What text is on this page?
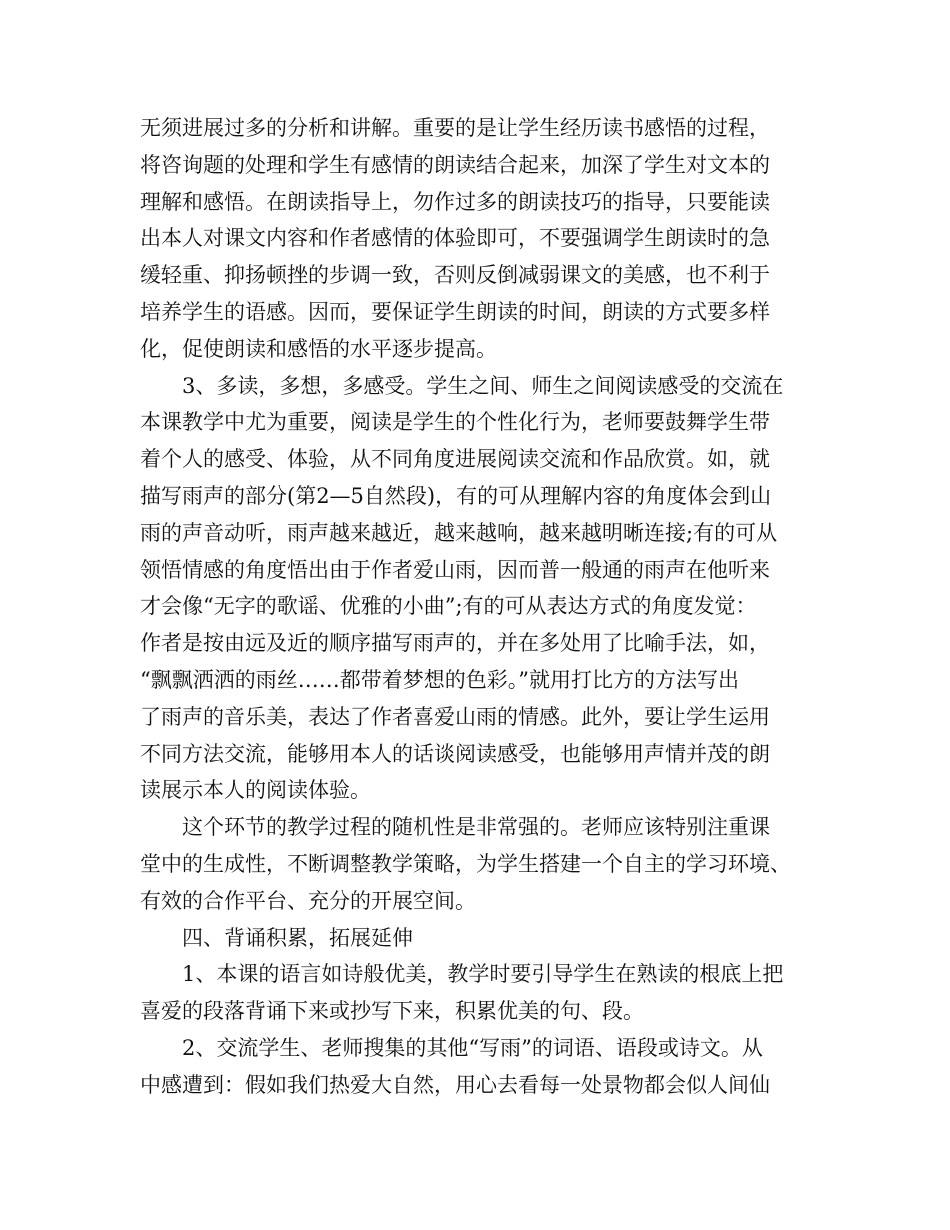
无须进展过多的分析和讲解。重要的是让学生经历读书感悟的过程，
将咨询题的处理和学生有感情的朗读结合起来，加深了学生对文本的
理解和感悟。在朗读指导上，勿作过多的朗读技巧的指导，只要能读
出本人对课文内容和作者感情的体验即可，不要强调学生朗读时的急
缓轻重、抑扬顿挫的步调一致，否则反倒减弱课文的美感，也不利于
培养学生的语感。因而，要保证学生朗读的时间，朗读的方式要多样
化，促使朗读和感悟的水平逐步提高。
3、多读，多想，多感受。学生之间、师生之间阅读感受的交流在
本课教学中尤为重要，阅读是学生的个性化行为，老师要鼓舞学生带
着个人的感受、体验，从不同角度进展阅读交流和作品欣赏。如，就
描写雨声的部分(第2—5自然段)，有的可从理解内容的角度体会到山
雨的声音动听，雨声越来越近，越来越响，越来越明晰连接;有的可从
领悟情感的角度悟出由于作者爱山雨，因而普一般通的雨声在他听来
才会像“无字的歌谣、优雅的小曲”;有的可从表达方式的角度发觉：
作者是按由远及近的顺序描写雨声的，并在多处用了比喻手法，如，
“飘飘洒洒的雨丝……都带着梦想的色彩。”就用打比方的方法写出
了雨声的音乐美，表达了作者喜爱山雨的情感。此外，要让学生运用
不同方法交流，能够用本人的话谈阅读感受，也能够用声情并茂的朗
读展示本人的阅读体验。
这个环节的教学过程的随机性是非常强的。老师应该特别注重课
堂中的生成性，不断调整教学策略，为学生搭建一个自主的学习环境、
有效的合作平台、充分的开展空间。
四、背诵积累，拓展延伸
1、本课的语言如诗般优美，教学时要引导学生在熟读的根底上把
喜爱的段落背诵下来或抄写下来，积累优美的句、段。
2、交流学生、老师搜集的其他“写雨”的词语、语段或诗文。从
中感遭到：假如我们热爱大自然，用心去看每一处景物都会似人间仙
